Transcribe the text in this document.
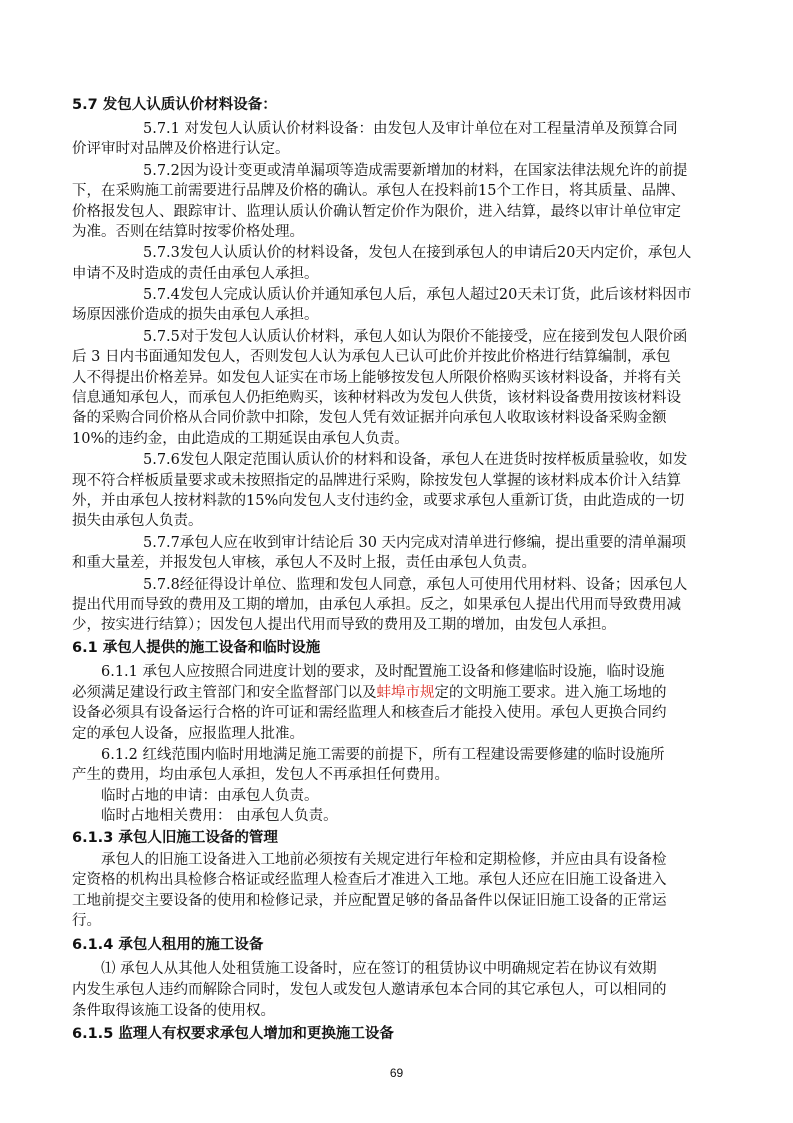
5.7 发包人认质认价材料设备：
5.7.1 对发包人认质认价材料设备：由发包人及审计单位在对工程量清单及预算合同
价评审时对品牌及价格进行认定。
5.7.2因为设计变更或清单漏项等造成需要新增加的材料，在国家法律法规允许的前提
下，在采购施工前需要进行品牌及价格的确认。承包人在投料前15个工作日，将其质量、品牌、
价格报发包人、跟踪审计、监理认质认价确认暂定价作为限价，进入结算，最终以审计单位审定
为准。否则在结算时按零价格处理。
5.7.3发包人认质认价的材料设备，发包人在接到承包人的申请后20天内定价，承包人
申请不及时造成的责任由承包人承担。
5.7.4发包人完成认质认价并通知承包人后，承包人超过20天未订货，此后该材料因市
场原因涨价造成的损失由承包人承担。
5.7.5对于发包人认质认价材料，承包人如认为限价不能接受，应在接到发包人限价函
后 3 日内书面通知发包人，否则发包人认为承包人已认可此价并按此价格进行结算编制，承包
人不得提出价格差异。如发包人证实在市场上能够按发包人所限价格购买该材料设备，并将有关
信息通知承包人，而承包人仍拒绝购买，该种材料改为发包人供货，该材料设备费用按该材料设
备的采购合同价格从合同价款中扣除，发包人凭有效证据并向承包人收取该材料设备采购金额
10%的违约金，由此造成的工期延误由承包人负责。
5.7.6发包人限定范围认质认价的材料和设备，承包人在进货时按样板质量验收，如发
现不符合样板质量要求或未按照指定的品牌进行采购，除按发包人掌握的该材料成本价计入结算
外，并由承包人按材料款的15%向发包人支付违约金，或要求承包人重新订货，由此造成的一切
损失由承包人负责。
5.7.7承包人应在收到审计结论后 30 天内完成对清单进行修编，提出重要的清单漏项
和重大量差，并报发包人审核，承包人不及时上报，责任由承包人负责。
5.7.8经征得设计单位、监理和发包人同意，承包人可使用代用材料、设备；因承包人
提出代用而导致的费用及工期的增加，由承包人承担。反之，如果承包人提出代用而导致费用减
少，按实进行结算）；因发包人提出代用而导致的费用及工期的增加，由发包人承担。
6.1 承包人提供的施工设备和临时设施
6.1.1 承包人应按照合同进度计划的要求，及时配置施工设备和修建临时设施，临时设施
必须满足建设行政主管部门和安全监督部门以及蚌埠市规定的文明施工要求。进入施工场地的
设备必须具有设备运行合格的许可证和需经监理人和核查后才能投入使用。承包人更换合同约
定的承包人设备，应报监理人批准。
6.1.2 红线范围内临时用地满足施工需要的前提下，所有工程建设需要修建的临时设施所
产生的费用，均由承包人承担，发包人不再承担任何费用。
临时占地的申请：由承包人负责。
临时占地相关费用： 由承包人负责。
6.1.3 承包人旧施工设备的管理
承包人的旧施工设备进入工地前必须按有关规定进行年检和定期检修，并应由具有设备检
定资格的机构出具检修合格证或经监理人检查后才准进入工地。承包人还应在旧施工设备进入
工地前提交主要设备的使用和检修记录，并应配置足够的备品备件以保证旧施工设备的正常运
行。
6.1.4 承包人租用的施工设备
⑴ 承包人从其他人处租赁施工设备时，应在签订的租赁协议中明确规定若在协议有效期
内发生承包人违约而解除合同时，发包人或发包人邀请承包本合同的其它承包人，可以相同的
条件取得该施工设备的使用权。
6.1.5 监理人有权要求承包人增加和更换施工设备
69
